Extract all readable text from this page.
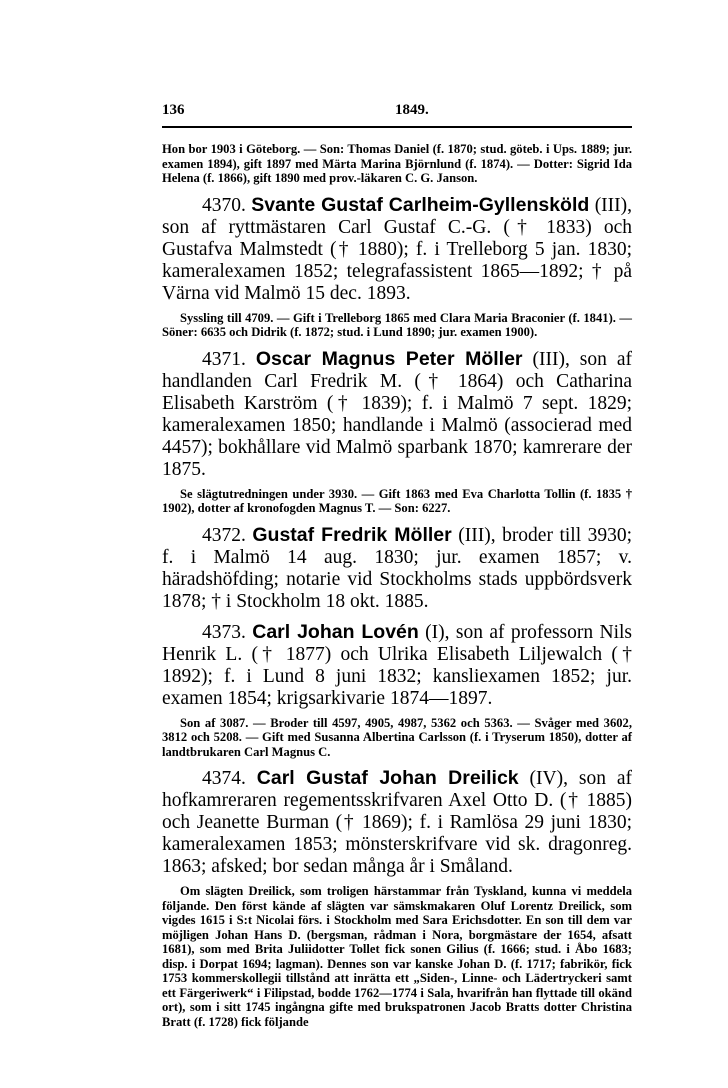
136	1849.

Hon bor 1903 i Göteborg. — Son: Thomas Daniel (f. 1870; stud. göteb. i Ups. 1889; jur. examen 1894), gift 1897 med Märta Marina Björnlund (f. 1874). — Dotter: Sigrid Ida Helena (f. 1866), gift 1890 med prov.-läkaren C. G. Janson.

4370. Svante Gustaf Carlheim-Gyllensköld (III), son af ryttmästaren Carl Gustaf C.-G. († 1833) och Gustafva Malmstedt († 1880); f. i Trelleborg 5 jan. 1830; kameralexamen 1852; telegrafassistent 1865—1892; † på Värna vid Malmö 15 dec. 1893.

Syssling till 4709. — Gift i Trelleborg 1865 med Clara Maria Braconier (f. 1841). — Söner: 6635 och Didrik (f. 1872; stud. i Lund 1890; jur. examen 1900).

4371. Oscar Magnus Peter Möller (III), son af handlanden Carl Fredrik M. († 1864) och Catharina Elisabeth Karström († 1839); f. i Malmö 7 sept. 1829; kameralexamen 1850; handlande i Malmö (associerad med 4457); bokhållare vid Malmö sparbank 1870; kamrerare der 1875.

Se slägtutredningen under 3930. — Gift 1863 med Eva Charlotta Tollin (f. 1835 † 1902), dotter af kronofogden Magnus T. — Son: 6227.

4372. Gustaf Fredrik Möller (III), broder till 3930; f. i Malmö 14 aug. 1830; jur. examen 1857; v. häradshöfding; notarie vid Stockholms stads uppbördsverk 1878; † i Stockholm 18 okt. 1885.

4373. Carl Johan Lovén (I), son af professorn Nils Henrik L. († 1877) och Ulrika Elisabeth Liljewalch († 1892); f. i Lund 8 juni 1832; kansliexamen 1852; jur. examen 1854; krigsarkivarie 1874—1897.

Son af 3087. — Broder till 4597, 4905, 4987, 5362 och 5363. — Svåger med 3602, 3812 och 5208. — Gift med Susanna Albertina Carlsson (f. i Tryserum 1850), dotter af landtbrukaren Carl Magnus C.

4374. Carl Gustaf Johan Dreilick (IV), son af hofkamreraren regementsskrifvaren Axel Otto D. († 1885) och Jeanette Burman († 1869); f. i Ramlösa 29 juni 1830; kameralexamen 1853; mönsterskrifvare vid sk. dragonreg. 1863; afsked; bor sedan många år i Småland.

Om slägten Dreilick, som troligen härstammar från Tyskland, kunna vi meddela följande. Den först kände af slägten var sämskmakaren Oluf Lorentz Dreilick, som vigdes 1615 i S:t Nicolai förs. i Stockholm med Sara Erichsdotter. En son till dem var möjligen Johan Hans D. (bergsman, rådman i Nora, borgmästare der 1654, afsatt 1681), som med Brita Juliidotter Tollet fick sonen Gilius (f. 1666; stud. i Åbo 1683; disp. i Dorpat 1694; lagman). Dennes son var kanske Johan D. (f. 1717; fabrikör, fick 1753 kommerskollegii tillstånd att inrätta ett „Siden-, Linne- och Lädertryckeri samt ett Färgeriwerk“ i Filipstad, bodde 1762—1774 i Sala, hvarifrån han flyttade till okänd ort), som i sitt 1745 ingångna gifte med brukspatronen Jacob Bratts dotter Christina Bratt (f. 1728) fick följande
